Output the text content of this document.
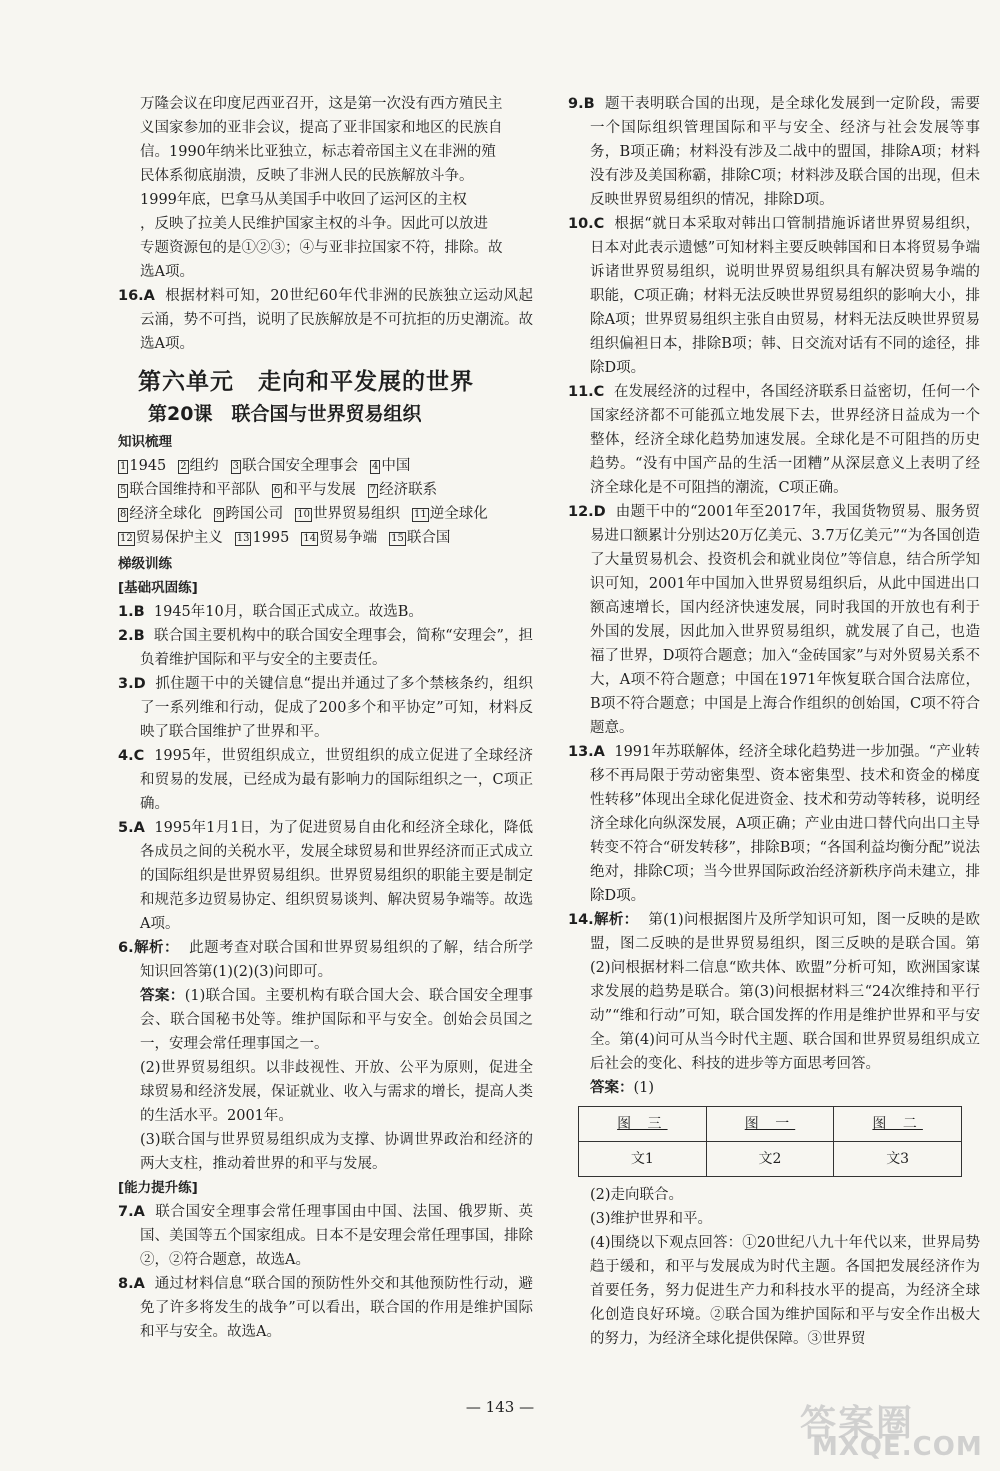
万隆会议在印度尼西亚召开，这是第一次没有西方殖民主
义国家参加的亚非会议，提高了亚非国家和地区的民族自
信。1990年纳米比亚独立，标志着帝国主义在非洲的殖
民体系彻底崩溃，反映了非洲人民的民族解放斗争。
1999年底，巴拿马从美国手中收回了运河区的主权
，反映了拉美人民维护国家主权的斗争。因此可以放进
专题资源包的是①②③；④与亚非拉国家不符，排除。故
选A项。
16.A 根据材料可知，20世纪60年代非洲的民族独立运动风起云涌，势不可挡，说明了民族解放是不可抗拒的历史潮流。故选A项。
第六单元　走向和平发展的世界
第20课　联合国与世界贸易组织
知识梳理
1 1945 2 组约 3 联合国安全理事会 4 中国
5 联合国维持和平部队 6 和平与发展 7 经济联系
8 经济全球化 9 跨国公司 10 世界贸易组织 11 逆全球化
12 贸易保护主义 13 1995 14 贸易争端 15 联合国
梯级训练
[基础巩固练]
1.B 1945年10月，联合国正式成立。故选B。
2.B 联合国主要机构中的联合国安全理事会，简称“安理会”，担负着维护国际和平与安全的主要责任。
3.D 抓住题干中的关键信息“提出并通过了多个禁核条约，组织了一系列维和行动，促成了200多个和平协定”可知，材料反映了联合国维护了世界和平。
4.C 1995年，世贸组织成立，世贸组织的成立促进了全球经济和贸易的发展，已经成为最有影响力的国际组织之一，C项正确。
5.A 1995年1月1日，为了促进贸易自由化和经济全球化，降低各成员之间的关税水平，发展全球贸易和世界经济而正式成立的国际组织是世界贸易组织。世界贸易组织的职能主要是制定和规范多边贸易协定、组织贸易谈判、解决贸易争端等。故选A项。
6.解析： 此题考查对联合国和世界贸易组织的了解，结合所学知识回答第(1)(2)(3)问即可。
答案：(1)联合国。主要机构有联合国大会、联合国安全理事会、联合国秘书处等。维护国际和平与安全。创始会员国之一，安理会常任理事国之一。
(2)世界贸易组织。以非歧视性、开放、公平为原则，促进全球贸易和经济发展，保证就业、收入与需求的增长，提高人类的生活水平。2001年。
(3)联合国与世界贸易组织成为支撑、协调世界政治和经济的两大支柱，推动着世界的和平与发展。
[能力提升练]
7.A 联合国安全理事会常任理事国由中国、法国、俄罗斯、英国、美国等五个国家组成。日本不是安理会常任理事国，排除②，②符合题意，故选A。
8.A 通过材料信息“联合国的预防性外交和其他预防性行动，避免了许多将发生的战争”可以看出，联合国的作用是维护国际和平与安全。故选A。
9.B 题干表明联合国的出现，是全球化发展到一定阶段，需要一个国际组织管理国际和平与安全、经济与社会发展等事务，B项正确；材料没有涉及二战中的盟国，排除A项；材料没有涉及美国称霸，排除C项；材料涉及联合国的出现，但未反映世界贸易组织的情况，排除D项。
10.C 根据“就日本采取对韩出口管制措施诉诸世界贸易组织，日本对此表示遗憾”可知材料主要反映韩国和日本将贸易争端诉诸世界贸易组织，说明世界贸易组织具有解决贸易争端的职能，C项正确；材料无法反映世界贸易组织的影响大小，排除A项；世界贸易组织主张自由贸易，材料无法反映世界贸易组织偏袒日本，排除B项；韩、日交流对话有不同的途径，排除D项。
11.C 在发展经济的过程中，各国经济联系日益密切，任何一个国家经济都不可能孤立地发展下去，世界经济日益成为一个整体，经济全球化趋势加速发展。全球化是不可阻挡的历史趋势。“没有中国产品的生活一团糟”从深层意义上表明了经济全球化是不可阻挡的潮流，C项正确。
12.D 由题干中的“2001年至2017年，我国货物贸易、服务贸易进口额累计分别达20万亿美元、3.7万亿美元”“为各国创造了大量贸易机会、投资机会和就业岗位”等信息，结合所学知识可知，2001年中国加入世界贸易组织后，从此中国进出口额高速增长，国内经济快速发展，同时我国的开放也有利于外国的发展，因此加入世界贸易组织，就发展了自己，也造福了世界，D项符合题意；加入“金砖国家”与对外贸易关系不大，A项不符合题意；中国在1971年恢复联合国合法席位，B项不符合题意；中国是上海合作组织的创始国，C项不符合题意。
13.A 1991年苏联解体，经济全球化趋势进一步加强。“产业转移不再局限于劳动密集型、资本密集型、技术和资金的梯度性转移”体现出全球化促进资金、技术和劳动等转移，说明经济全球化向纵深发展，A项正确；产业由进口替代向出口主导转变不符合“研发转移”，排除B项；“各国利益均衡分配”说法绝对，排除C项；当今世界国际政治经济新秩序尚未建立，排除D项。
14.解析： 第(1)问根据图片及所学知识可知，图一反映的是欧盟，图二反映的是世界贸易组织，图三反映的是联合国。第(2)问根据材料二信息“欧共体、欧盟”分析可知，欧洲国家谋求发展的趋势是联合。第(3)问根据材料三“24次维持和平行动”“维和行动”可知，联合国发挥的作用是维护世界和平与安全。第(4)问可从当今时代主题、联合国和世界贸易组织成立后社会的变化、科技的进步等方面思考回答。
答案：(1)
图 三	图 一	图 二
文1	文2	文3
(2)走向联合。
(3)维护世界和平。
(4)围绕以下观点回答：①20世纪八九十年代以来，世界局势趋于缓和，和平与发展成为时代主题。各国把发展经济作为首要任务，努力促进生产力和科技水平的提高，为经济全球化创造良好环境。②联合国为维护国际和平与安全作出极大的努力，为经济全球化提供保障。③世界贸
— 143 —	答案圈
MXQE.COM
